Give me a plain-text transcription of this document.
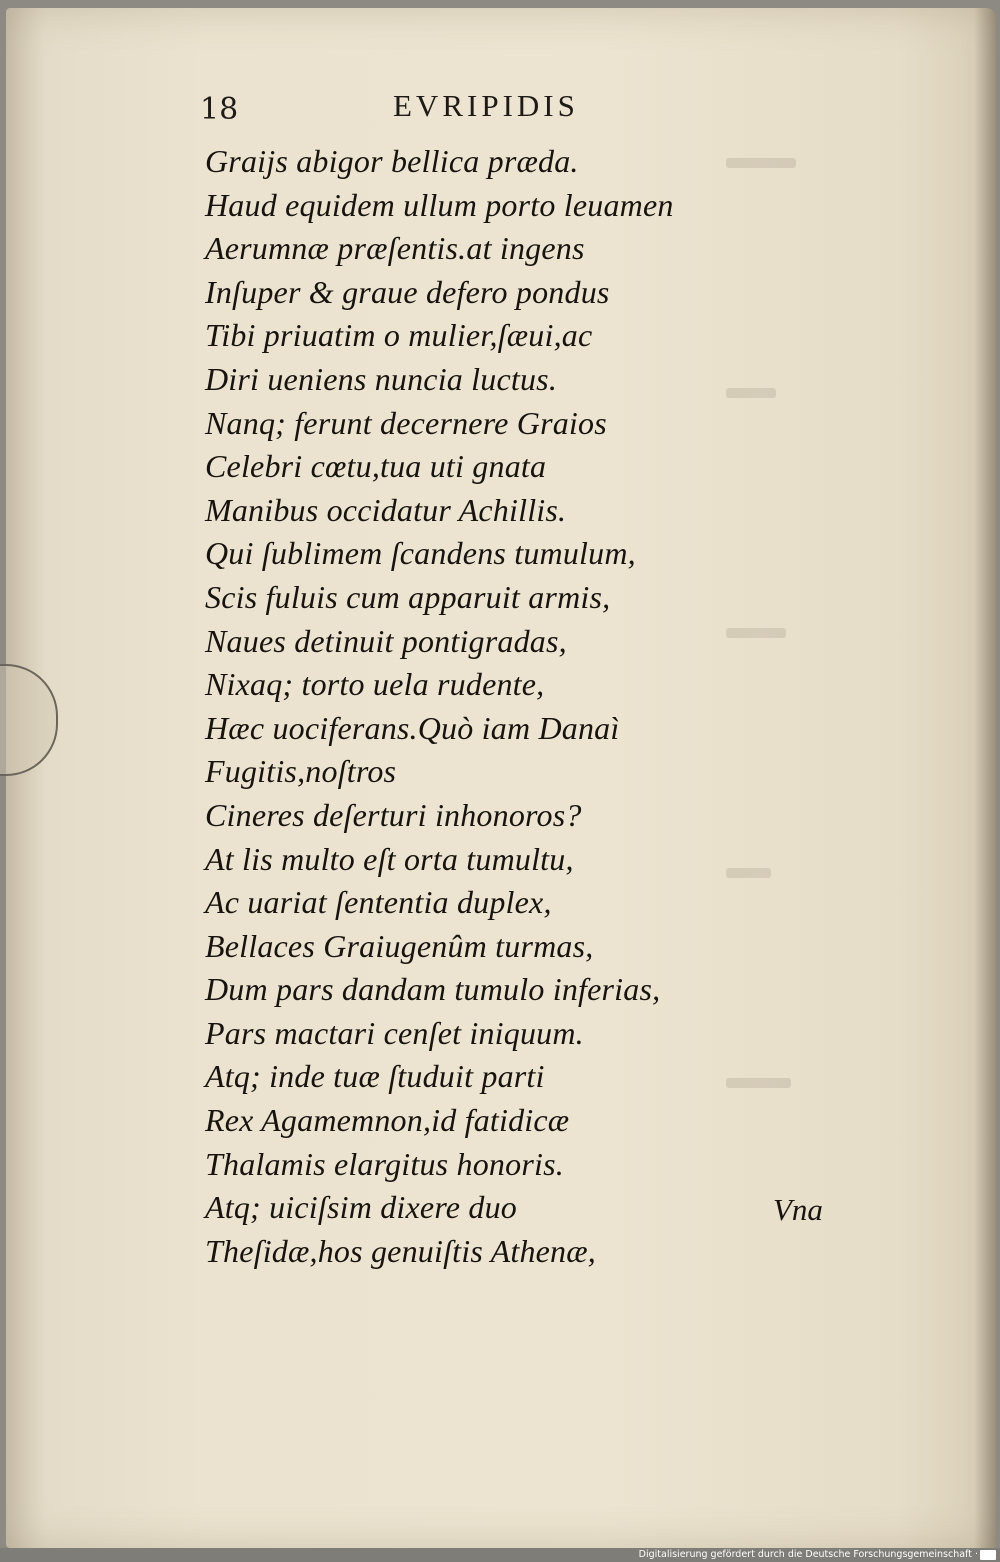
18	EVRIPIDIS
Graijs abigor bellica præda.
Haud equidem ullum porto leuamen
Aerumnæ præſentis.at ingens
Inſuper & graue defero pondus
Tibi priuatim o mulier,ſæui,ac
Diri ueniens nuncia luctus.
Nanq; ferunt decernere Graios
Celebri cœtu,tua uti gnata
Manibus occidatur Achillis.
Qui ſublimem ſcandens tumulum,
Scis fuluis cum apparuit armis,
Naues detinuit pontigradas,
Nixaq; torto uela rudente,
Hæc uociferans.Quò iam Danaì
Fugitis,noſtros
Cineres deſerturi inhonoros?
At lis multo eſt orta tumultu,
Ac uariat ſententia duplex,
Bellaces Graiugenûm turmas,
Dum pars dandam tumulo inferias,
Pars mactari cenſet iniquum.
Atq; inde tuæ ſtuduit parti
Rex Agamemnon,id fatidicæ
Thalamis elargitus honoris.
Atq; uiciſsim dixere duo
Theſidæ,hos genuiſtis Athenæ,
Vna
Digitalisierung gefördert durch die Deutsche Forschungsgemeinschaft ·
